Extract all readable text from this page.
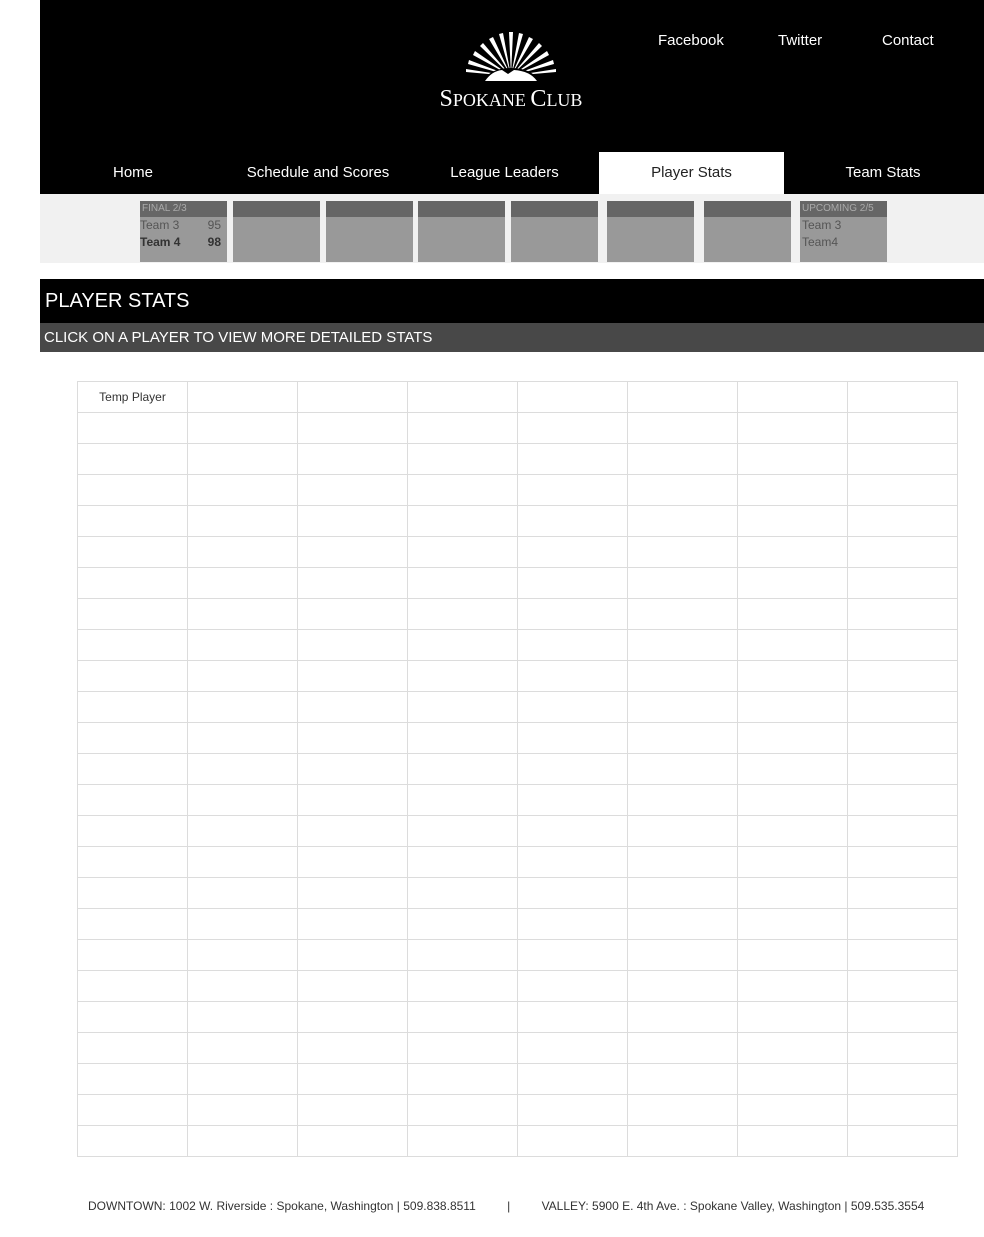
SPOKANE CLUB
Facebook	Twitter	Contact
Home	Schedule and Scores	League Leaders	Player Stats	Team Stats
FINAL 2/3
Team 3 95
Team 4 98
UPCOMING 2/5
Team 3
Team4
PLAYER STATS
CLICK ON A PLAYER TO VIEW MORE DETAILED STATS
Temp Player							

DOWNTOWN: 1002 W. Riverside : Spokane, Washington | 509.838.8511	|	VALLEY: 5900 E. 4th Ave. : Spokane Valley, Washington | 509.535.3554
